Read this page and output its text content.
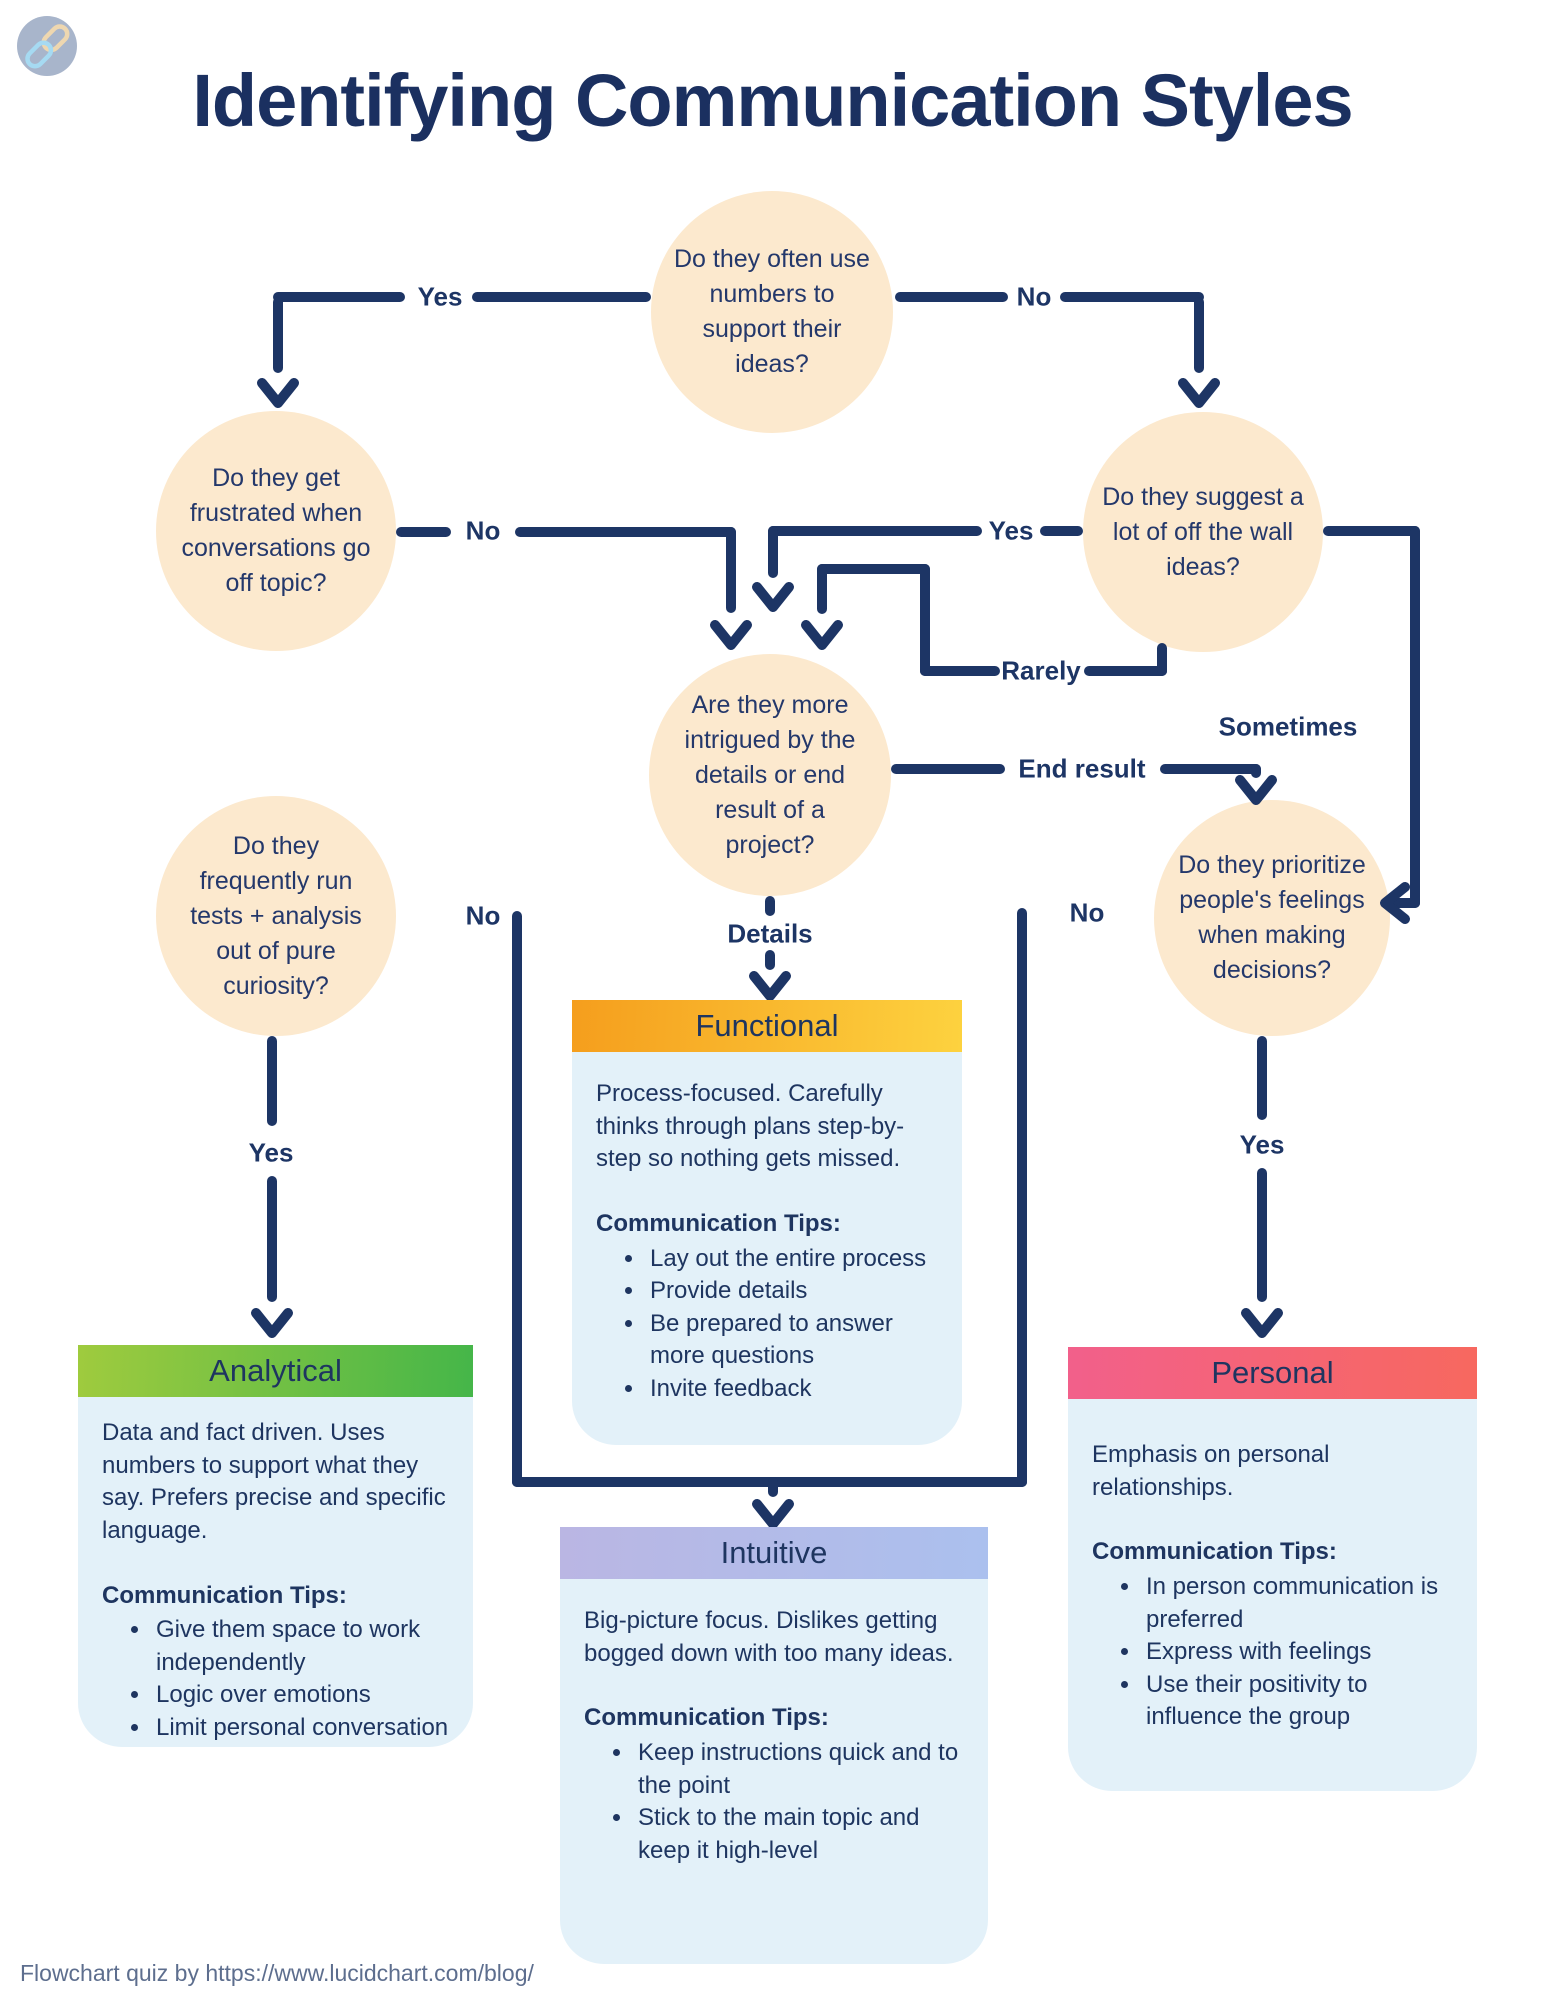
Identifying Communication Styles
Do they often use numbers to support their ideas?
Do they get frustrated when conversations go off topic?
Do they suggest a lot of off the wall ideas?
Are they more intrigued by the details or end result of a project?
Do they frequently run tests + analysis out of pure curiosity?
Do they prioritize people's feelings when making decisions?
Yes	No
No	Yes
Rarely
Sometimes
End result
Details
Yes
No	No
Yes
Functional

Process-focused. Carefully thinks through plans step-by-step so nothing gets missed.

Communication Tips:

• Lay out the entire process
• Provide details
• Be prepared to answer more questions
• Invite feedback
Analytical

Data and fact driven. Uses numbers to support what they say. Prefers precise and specific language.

Communication Tips:

• Give them space to work independently
• Logic over emotions
• Limit personal conversation
Intuitive

Big-picture focus. Dislikes getting bogged down with too many ideas.

Communication Tips:

• Keep instructions quick and to the point
• Stick to the main topic and keep it high-level
Personal

Emphasis on personal relationships.

Communication Tips:

• In person communication is preferred
• Express with feelings
• Use their positivity to influence the group
Flowchart quiz by https://www.lucidchart.com/blog/
